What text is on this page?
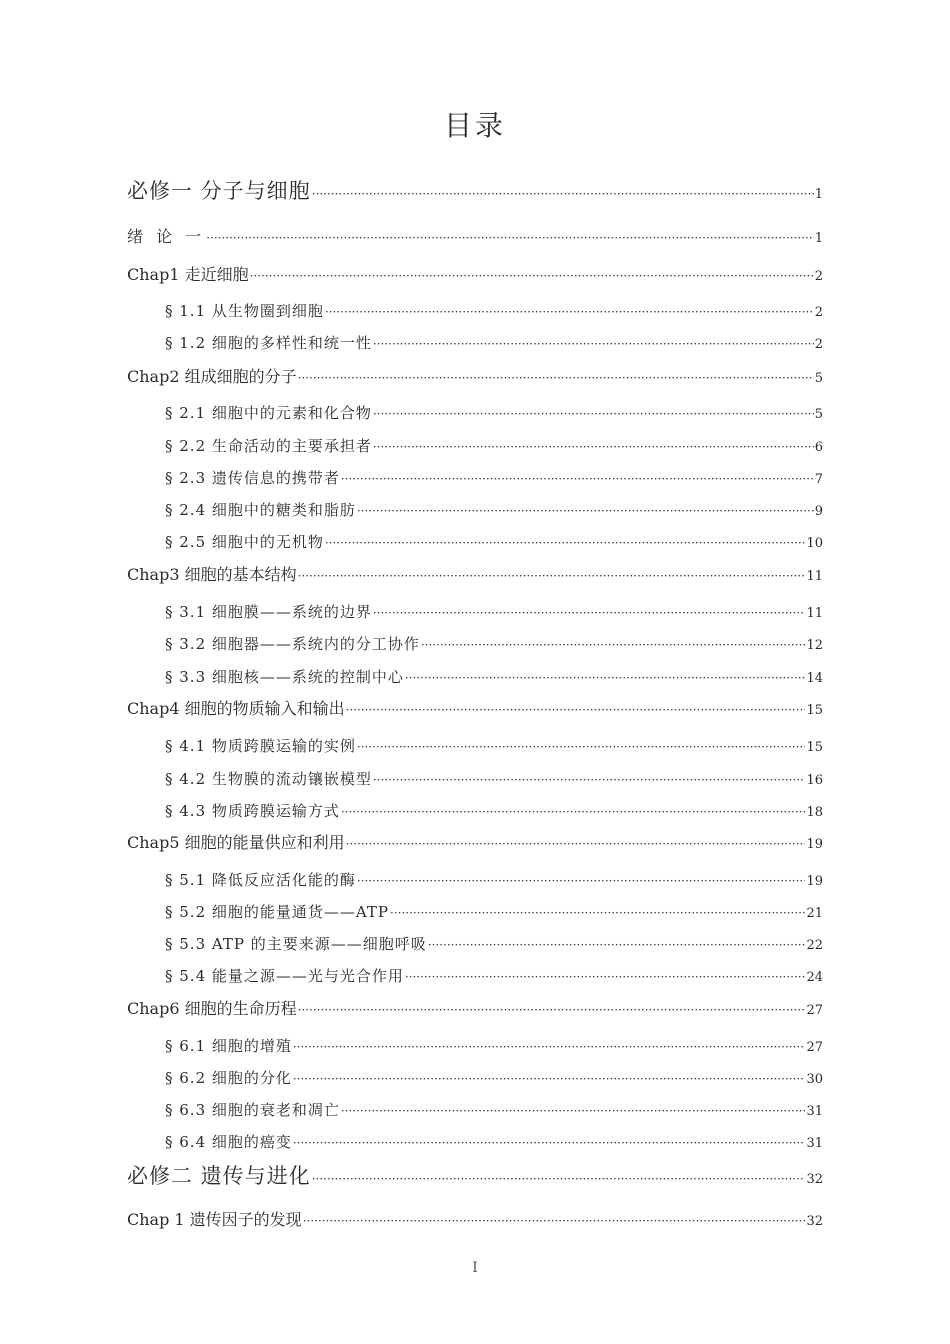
目录
必修一 分子与细胞 ·····	1
绪 论 一 ·····	1
Chap1 走近细胞 ·····	2
§ 1.1 从生物圈到细胞 ·····	2
§ 1.2 细胞的多样性和统一性 ·····	2
Chap2 组成细胞的分子 ·····	5
§ 2.1 细胞中的元素和化合物 ·····	5
§ 2.2 生命活动的主要承担者 ·····	6
§ 2.3 遗传信息的携带者 ·····	7
§ 2.4 细胞中的糖类和脂肪 ·····	9
§ 2.5 细胞中的无机物 ·····	10
Chap3 细胞的基本结构 ·····	11
§ 3.1 细胞膜——系统的边界 ·····	11
§ 3.2 细胞器——系统内的分工协作 ·····	12
§ 3.3 细胞核——系统的控制中心 ·····	14
Chap4 细胞的物质输入和输出 ·····	15
§ 4.1 物质跨膜运输的实例 ·····	15
§ 4.2 生物膜的流动镶嵌模型 ·····	16
§ 4.3 物质跨膜运输方式 ·····	18
Chap5 细胞的能量供应和利用 ·····	19
§ 5.1 降低反应活化能的酶 ·····	19
§ 5.2 细胞的能量通货——ATP ·····	21
§ 5.3 ATP 的主要来源——细胞呼吸 ·····	22
§ 5.4 能量之源——光与光合作用 ·····	24
Chap6 细胞的生命历程 ·····	27
§ 6.1 细胞的增殖 ·····	27
§ 6.2 细胞的分化 ·····	30
§ 6.3 细胞的衰老和凋亡 ·····	31
§ 6.4 细胞的癌变 ·····	31
必修二 遗传与进化 ·····	32
Chap 1 遗传因子的发现 ·····	32
I
